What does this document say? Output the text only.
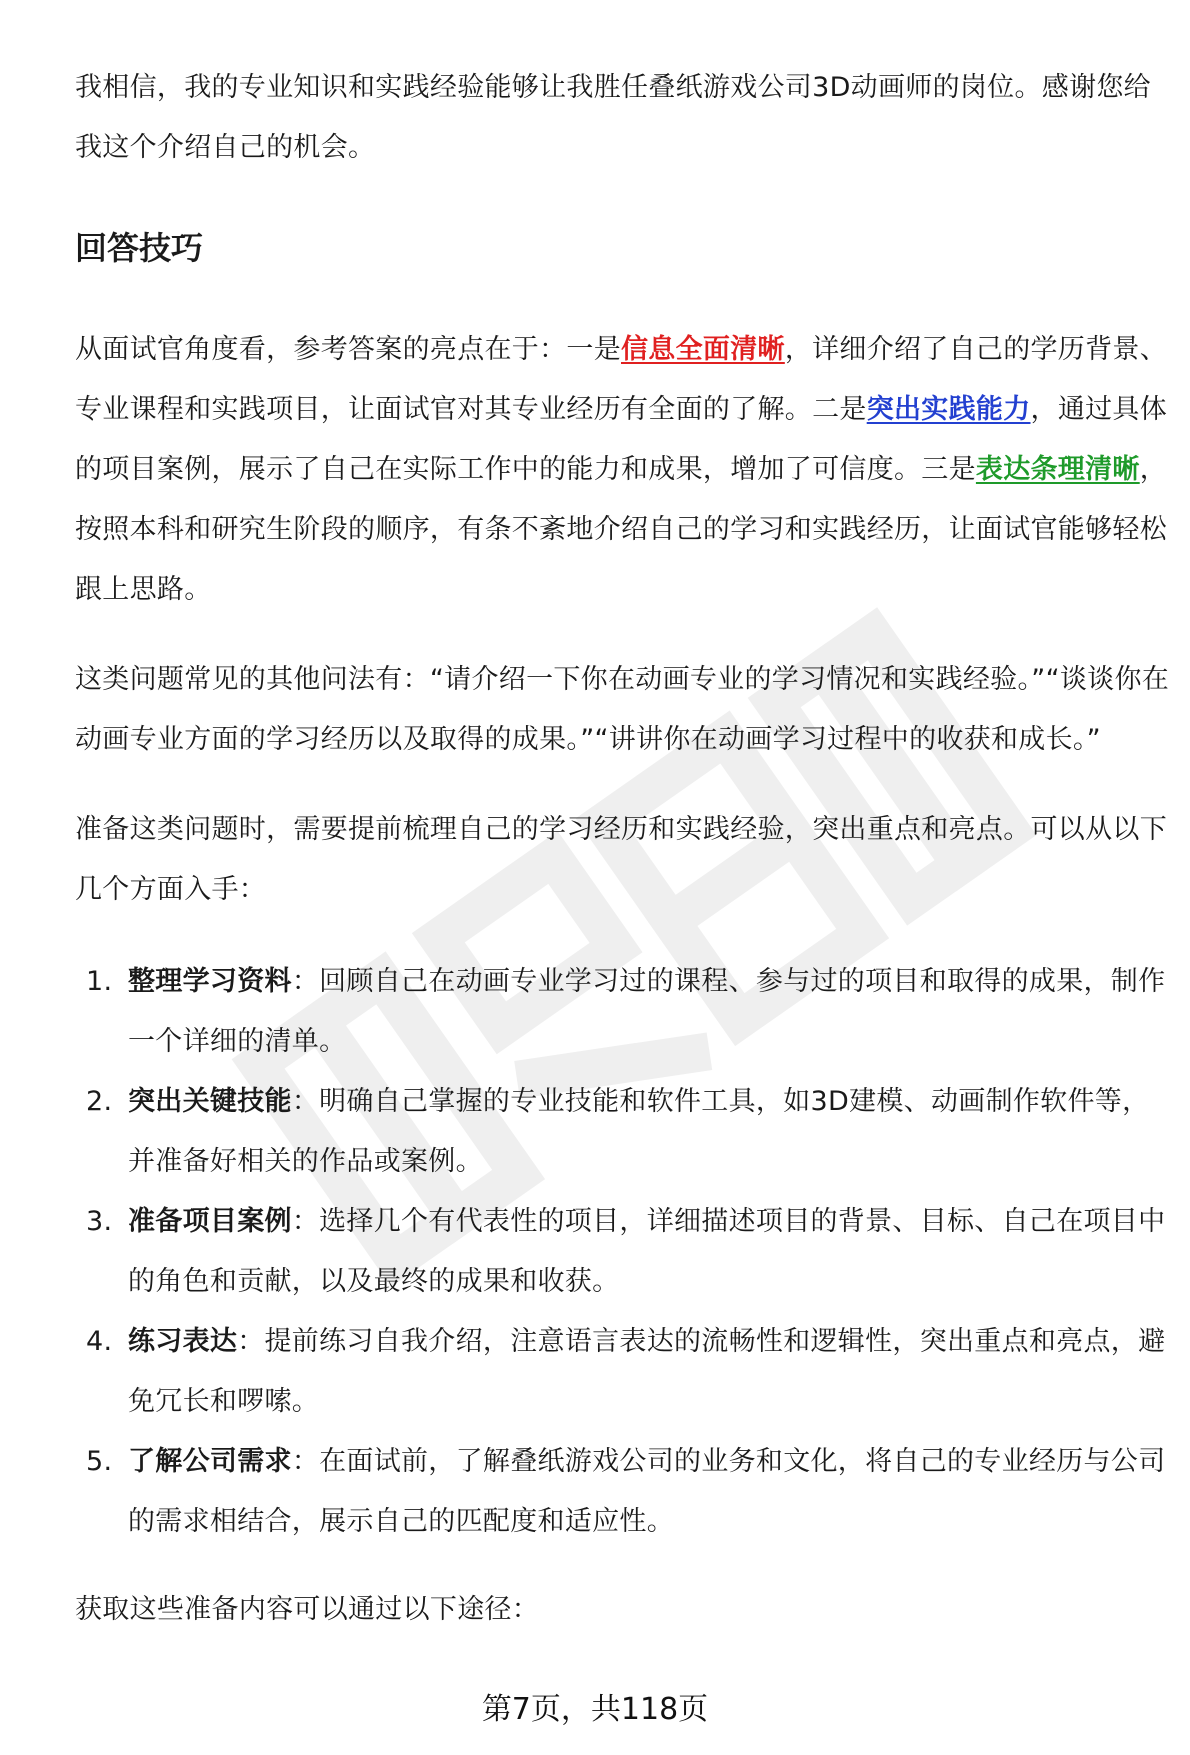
我相信，我的专业知识和实践经验能够让我胜任叠纸游戏公司3D动画师的岗位。感谢您给我这个介绍自己的机会。

回答技巧

从面试官角度看，参考答案的亮点在于：一是信息全面清晰，详细介绍了自己的学历背景、专业课程和实践项目，让面试官对其专业经历有全面的了解。二是突出实践能力，通过具体的项目案例，展示了自己在实际工作中的能力和成果，增加了可信度。三是表达条理清晰，按照本科和研究生阶段的顺序，有条不紊地介绍自己的学习和实践经历，让面试官能够轻松跟上思路。

这类问题常见的其他问法有：“请介绍一下你在动画专业的学习情况和实践经验。”“谈谈你在动画专业方面的学习经历以及取得的成果。”“讲讲你在动画学习过程中的收获和成长。”

准备这类问题时，需要提前梳理自己的学习经历和实践经验，突出重点和亮点。可以从以下几个方面入手：

1. 整理学习资料：回顾自己在动画专业学习过的课程、参与过的项目和取得的成果，制作一个详细的清单。
2. 突出关键技能：明确自己掌握的专业技能和软件工具，如3D建模、动画制作软件等，并准备好相关的作品或案例。
3. 准备项目案例：选择几个有代表性的项目，详细描述项目的背景、目标、自己在项目中的角色和贡献，以及最终的成果和收获。
4. 练习表达：提前练习自我介绍，注意语言表达的流畅性和逻辑性，突出重点和亮点，避免冗长和啰嗦。
5. 了解公司需求：在面试前，了解叠纸游戏公司的业务和文化，将自己的专业经历与公司的需求相结合，展示自己的匹配度和适应性。

获取这些准备内容可以通过以下途径：

第7页，共118页
